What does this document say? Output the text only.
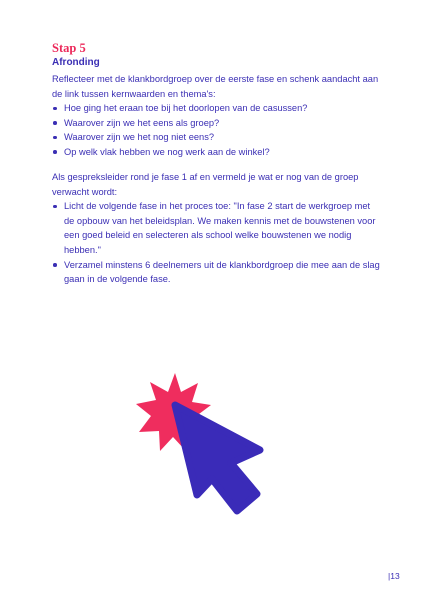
Stap 5
Afronding

Reflecteer met de klankbordgroep over de eerste fase en schenk aandacht aan de link tussen kernwaarden en thema's:

Hoe ging het eraan toe bij het doorlopen van de casussen?
Waarover zijn we het eens als groep?
Waarover zijn we het nog niet eens?
Op welk vlak hebben we nog werk aan de winkel?

Als gespreksleider rond je fase 1 af en vermeld je wat er nog van de groep verwacht wordt:

Licht de volgende fase in het proces toe: "In fase 2 start de werkgroep met de opbouw van het beleidsplan. We maken kennis met de bouwstenen voor een goed beleid en selecteren als school welke bouwstenen we nodig hebben."
Verzamel minstens 6 deelnemers uit de klankbordgroep die mee aan de slag gaan in de volgende fase.
|13
